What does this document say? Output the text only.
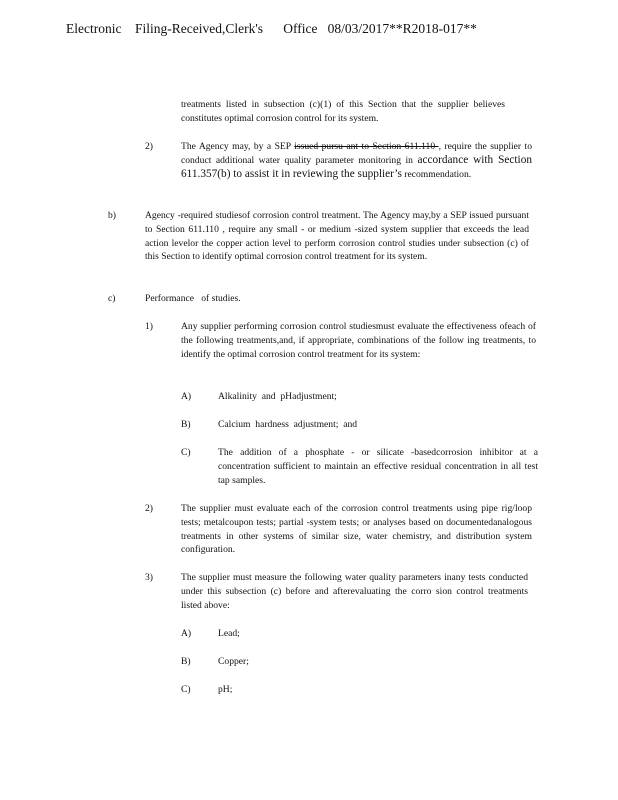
Electronic    Filing-Received,Clerk's      Office   08/03/2017**R2018-017**
treatments listed in subsection (c)(1) of this Section that the supplier believes constitutes optimal corrosion control for its system.
2)	The Agency may, by a SEP issued pursu ant to Section 611.110 , require the supplier to conduct additional water quality parameter monitoring in accordance with Section 611.357(b) to assist it in reviewing the supplier’s recommendation.
b)	Agency -required studiesof corrosion control treatment. The Agency may,by a SEP issued pursuant to Section 611.110 , require any small - or medium -sized system supplier that exceeds the lead action levelor the copper action level to perform corrosion control studies under subsection (c) of this Section to identify optimal corrosion control treatment for its system.
c)	Performance   of studies.
1)	Any supplier performing corrosion control studiesmust evaluate the effectiveness ofeach of the following treatments,and, if appropriate, combinations of the follow ing treatments, to identify the optimal corrosion control treatment for its system:
A)	Alkalinity  and  pHadjustment;
B)	Calcium  hardness  adjustment;  and
C)	The addition of a phosphate - or silicate -basedcorrosion inhibitor at a concentration sufficient to maintain an effective residual concentration in all test tap samples.
2)	The supplier must evaluate each of the corrosion control treatments using pipe rig/loop tests; metalcoupon tests; partial -system tests; or analyses based on documentedanalogous treatments in other systems of similar size, water chemistry, and distribution system configuration.
3)	The supplier must measure the following water quality parameters inany tests conducted under this subsection (c) before and afterevaluating the corro sion control treatments listed above:
A)	Lead;
B)	Copper;
C)	pH;
